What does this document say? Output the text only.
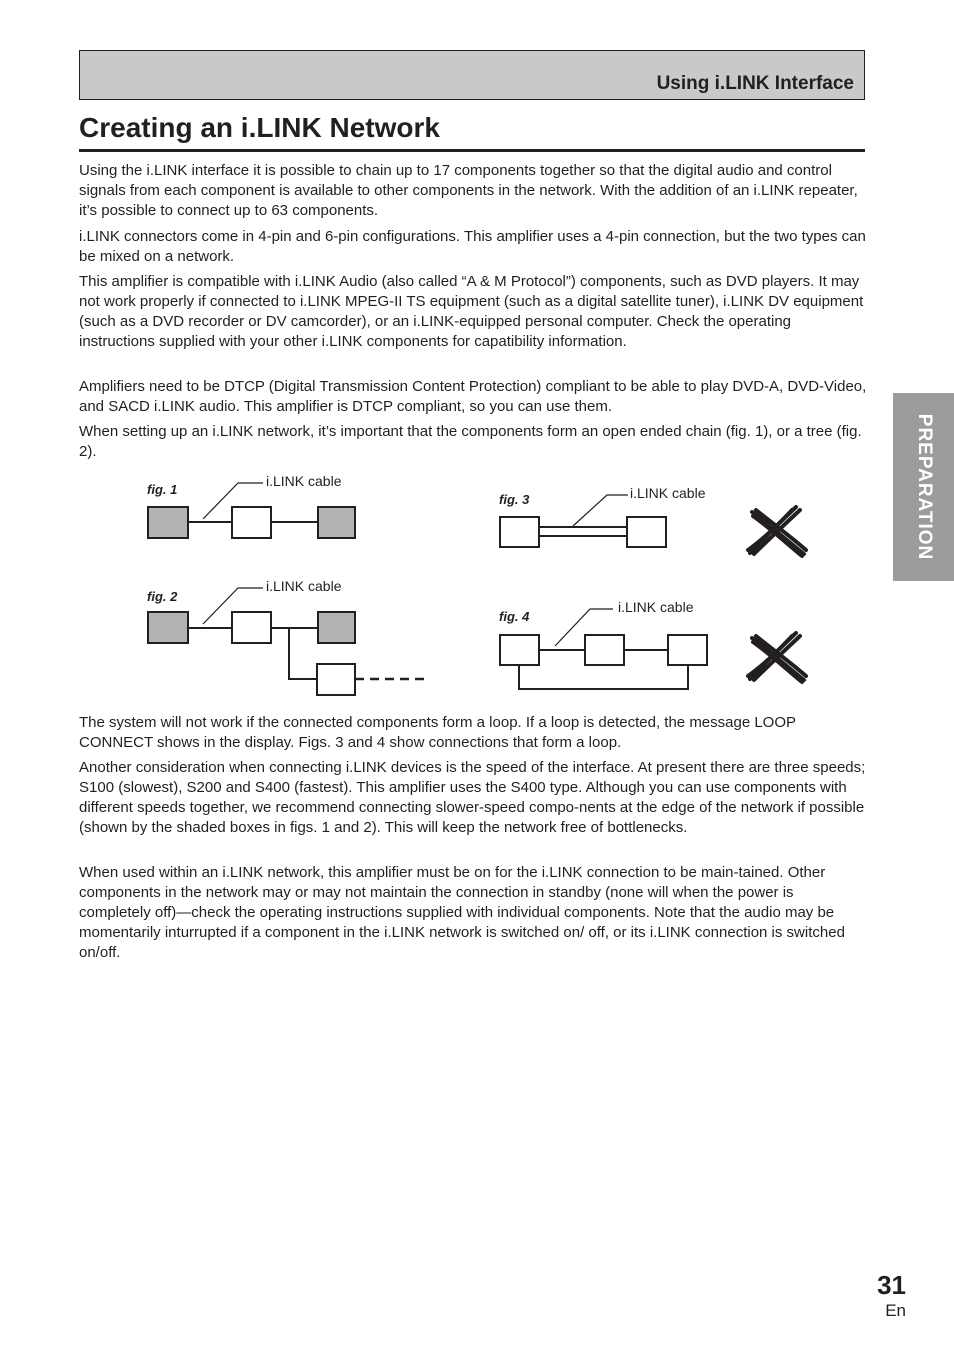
Using i.LINK Interface
Creating an i.LINK Network

Using the i.LINK interface it is possible to chain up to 17 components together so that the digital audio and control signals from each component is available to other components in the network. With the addition of an i.LINK repeater, it’s possible to connect up to 63 components.

i.LINK connectors come in 4-pin and 6-pin configurations. This amplifier uses a 4-pin connection, but the two types can be mixed on a network.

This amplifier is compatible with i.LINK Audio (also called “A & M Protocol”) components, such as DVD players. It may not work properly if connected to i.LINK MPEG-II TS equipment (such as a digital satellite tuner), i.LINK DV equipment (such as a DVD recorder or DV camcorder), or an i.LINK-equipped personal computer. Check the operating instructions supplied with your other i.LINK components for capatibility information.

Amplifiers need to be DTCP (Digital Transmission Content Protection) compliant to be able to play DVD-A, DVD-Video, and SACD i.LINK audio. This amplifier is DTCP compliant, so you can use them.

When setting up an i.LINK network, it’s important that the components form an open ended chain (fig. 1), or a tree (fig. 2).

fig. 1
i.LINK cable
fig. 2
i.LINK cable
fig. 3	i.LINK cable
fig. 4
i.LINK cable

The system will not work if the connected components form a loop. If a loop is detected, the message LOOP CONNECT shows in the display. Figs. 3 and 4 show connections that form a loop.

Another consideration when connecting i.LINK devices is the speed of the interface. At present there are three speeds; S100 (slowest), S200 and S400 (fastest). This amplifier uses the S400 type. Although you can use components with different speeds together, we recommend connecting slower-speed compo-nents at the edge of the network if possible (shown by the shaded boxes in figs. 1 and 2). This will keep the network free of bottlenecks.

When used within an i.LINK network, this amplifier must be on for the i.LINK connection to be main-tained. Other components in the network may or may not maintain the connection in standby (none will when the power is completely off)—check the operating instructions supplied with individual components. Note that the audio may be momentarily inturrupted if a component in the i.LINK network is switched on/ off, or its i.LINK connection is switched on/off.

PREPARATION
31
En
